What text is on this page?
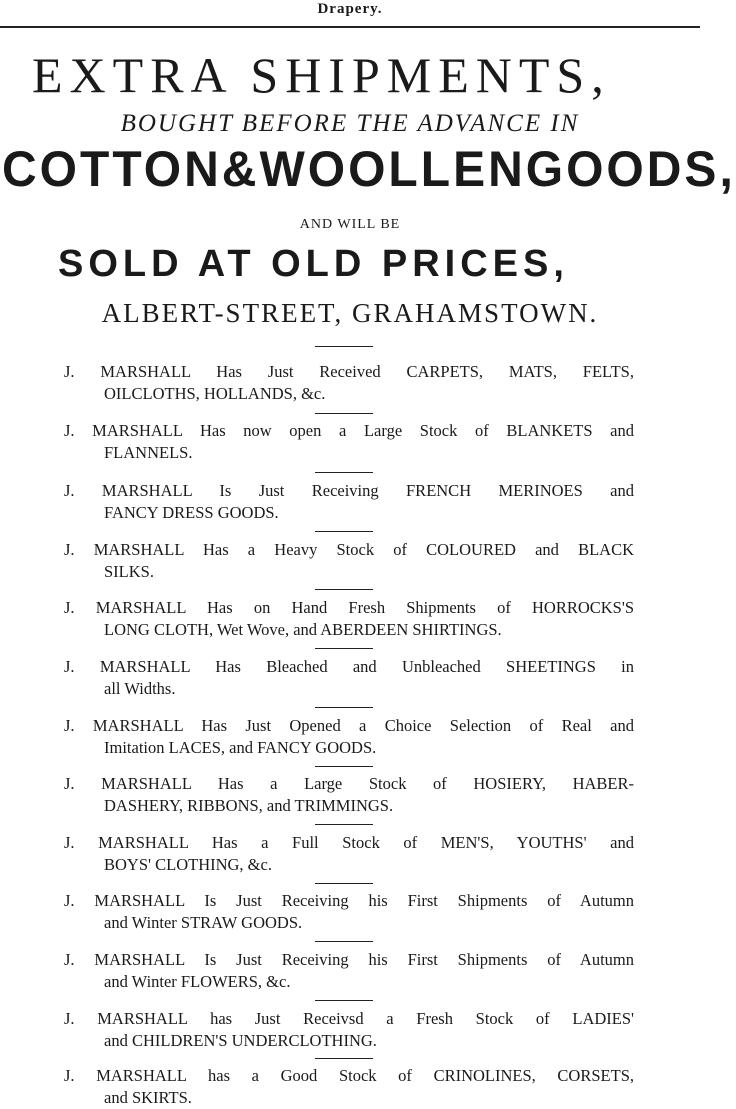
Drapery.
EXTRA SHIPMENTS,
BOUGHT BEFORE THE ADVANCE IN
COTTON & WOOLLEN GOODS,
AND WILL BE
SOLD AT OLD PRICES,
ALBERT-STREET, GRAHAMSTOWN.
J. MARSHALL Has Just Received CARPETS, MATS, FELTS,
OILCLOTHS, HOLLANDS, &c.
J. MARSHALL Has now open a Large Stock of BLANKETS and
FLANNELS.
J. MARSHALL Is Just Receiving FRENCH MERINOES and
FANCY DRESS GOODS.
J. MARSHALL Has a Heavy Stock of COLOURED and BLACK
SILKS.
J. MARSHALL Has on Hand Fresh Shipments of HORROCKS'S
LONG CLOTH, Wet Wove, and ABERDEEN SHIRTINGS.
J. MARSHALL Has Bleached and Unbleached SHEETINGS in
all Widths.
J. MARSHALL Has Just Opened a Choice Selection of Real and
Imitation LACES, and FANCY GOODS.
J. MARSHALL Has a Large Stock of HOSIERY, HABER-
DASHERY, RIBBONS, and TRIMMINGS.
J. MARSHALL Has a Full Stock of MEN'S, YOUTHS' and
BOYS' CLOTHING, &c.
J. MARSHALL Is Just Receiving his First Shipments of Autumn
and Winter STRAW GOODS.
J. MARSHALL Is Just Receiving his First Shipments of Autumn
and Winter FLOWERS, &c.
J. MARSHALL has Just Receivsd a Fresh Stock of LADIES'
and CHILDREN'S UNDERCLOTHING.
J. MARSHALL has a Good Stock of CRINOLINES, CORSETS,
and SKIRTS.
